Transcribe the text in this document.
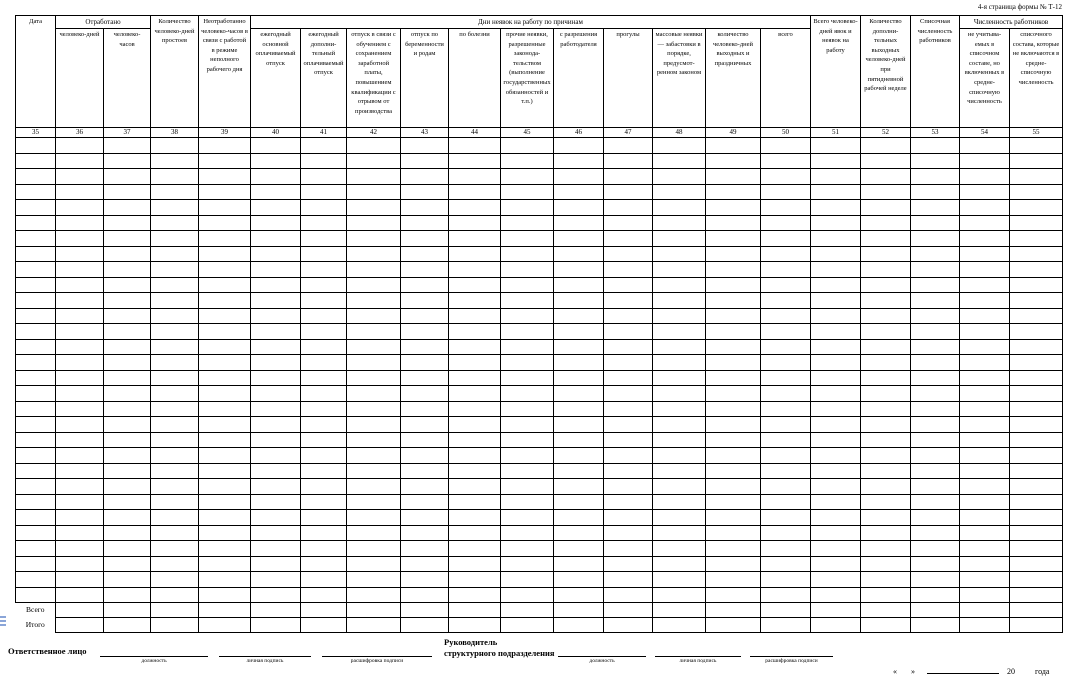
4-я страница формы № Т-12
Дата	Отработано		Количество человеко-дней простоев	Неотработанно человеко-часов в связи с работой в режиме неполного рабочего дня	Дни неявок на работу по причинам											Всего человеко-дней явок и неявок на работу	Количество дополнительных выходных человеко-дней при пятидневной рабочей неделе	Списочная численность работников	Численность работников	
	человеко-дней	человеко-часов			ежегодный основной оплачиваемый отпуск	ежегодный дополнительный оплачиваемый отпуск	отпуск в связи с обучением с сохранением заработной платы, повышением квалификации с отрывом от производства	отпуск по беременности и родам	по болезни	прочие неявки, разрешенные законодательством (выполнение государственных обязанностей и т.п.)	с разрешения работодателя	прогулы	массовые неявки — забастовки в порядке, предусмотренном законом	количество человеко-дней выходных и праздничных	всего				не учитываемых в списочном составе, но включенных в среднесписочную численность	списочного состава, которые не включаются в среднесписочную численность
35	36	37	38	39	40	41	42	43	44	45	46	47	48	49	50	51	52	53	54	55

Всего																				
Итого																				
Ответственное лицо
должность	личная подпись	расшифровка подписи
Руководитель
структурного подразделения
должность	личная подпись	расшифровка подписи
« »	20	года
